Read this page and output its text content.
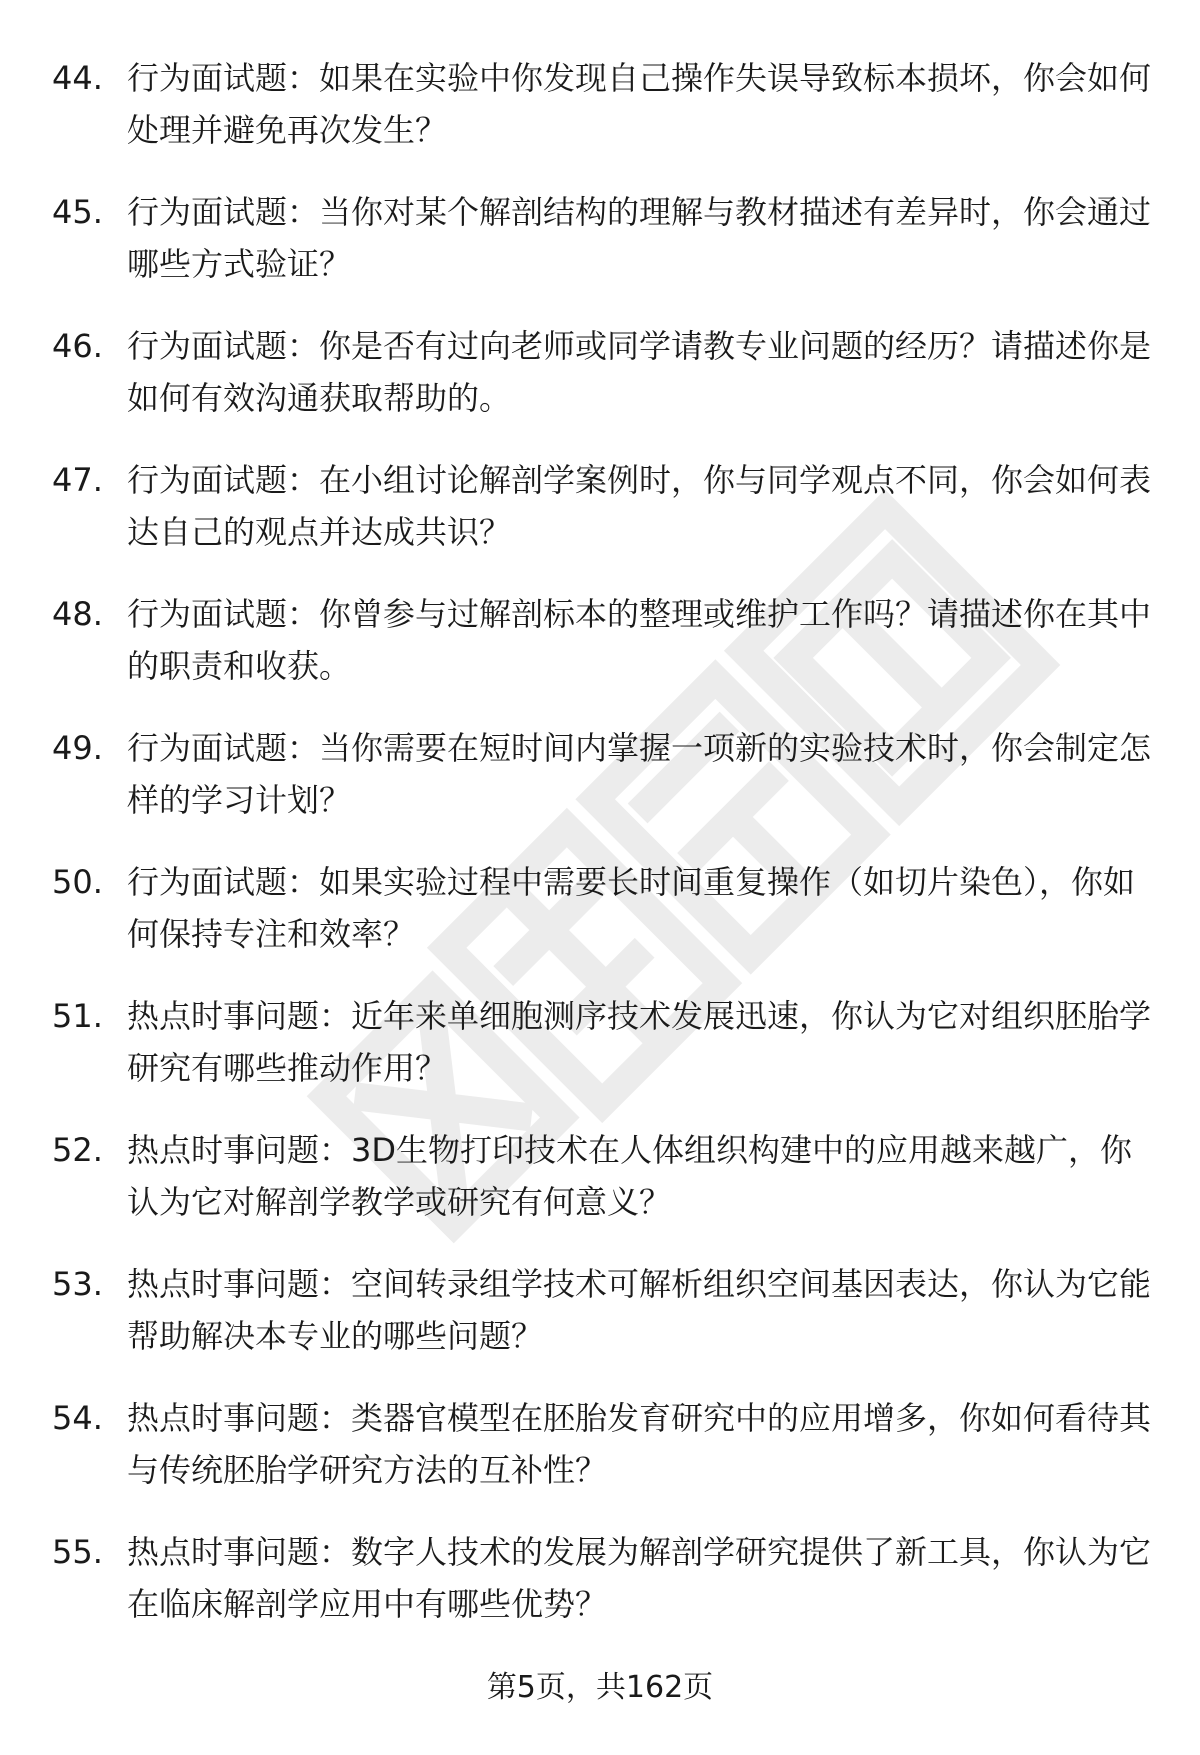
44. 行为面试题：如果在实验中你发现自己操作失误导致标本损坏，你会如何处理并避免再次发生？
45. 行为面试题：当你对某个解剖结构的理解与教材描述有差异时，你会通过哪些方式验证？
46. 行为面试题：你是否有过向老师或同学请教专业问题的经历？请描述你是如何有效沟通获取帮助的。
47. 行为面试题：在小组讨论解剖学案例时，你与同学观点不同，你会如何表达自己的观点并达成共识？
48. 行为面试题：你曾参与过解剖标本的整理或维护工作吗？请描述你在其中的职责和收获。
49. 行为面试题：当你需要在短时间内掌握一项新的实验技术时，你会制定怎样的学习计划？
50. 行为面试题：如果实验过程中需要长时间重复操作（如切片染色），你如何保持专注和效率？
51. 热点时事问题：近年来单细胞测序技术发展迅速，你认为它对组织胚胎学研究有哪些推动作用？
52. 热点时事问题：3D生物打印技术在人体组织构建中的应用越来越广，你认为它对解剖学教学或研究有何意义？
53. 热点时事问题：空间转录组学技术可解析组织空间基因表达，你认为它能帮助解决本专业的哪些问题？
54. 热点时事问题：类器官模型在胚胎发育研究中的应用增多，你如何看待其与传统胚胎学研究方法的互补性？
55. 热点时事问题：数字人技术的发展为解剖学研究提供了新工具，你认为它在临床解剖学应用中有哪些优势？
第5页，共162页
